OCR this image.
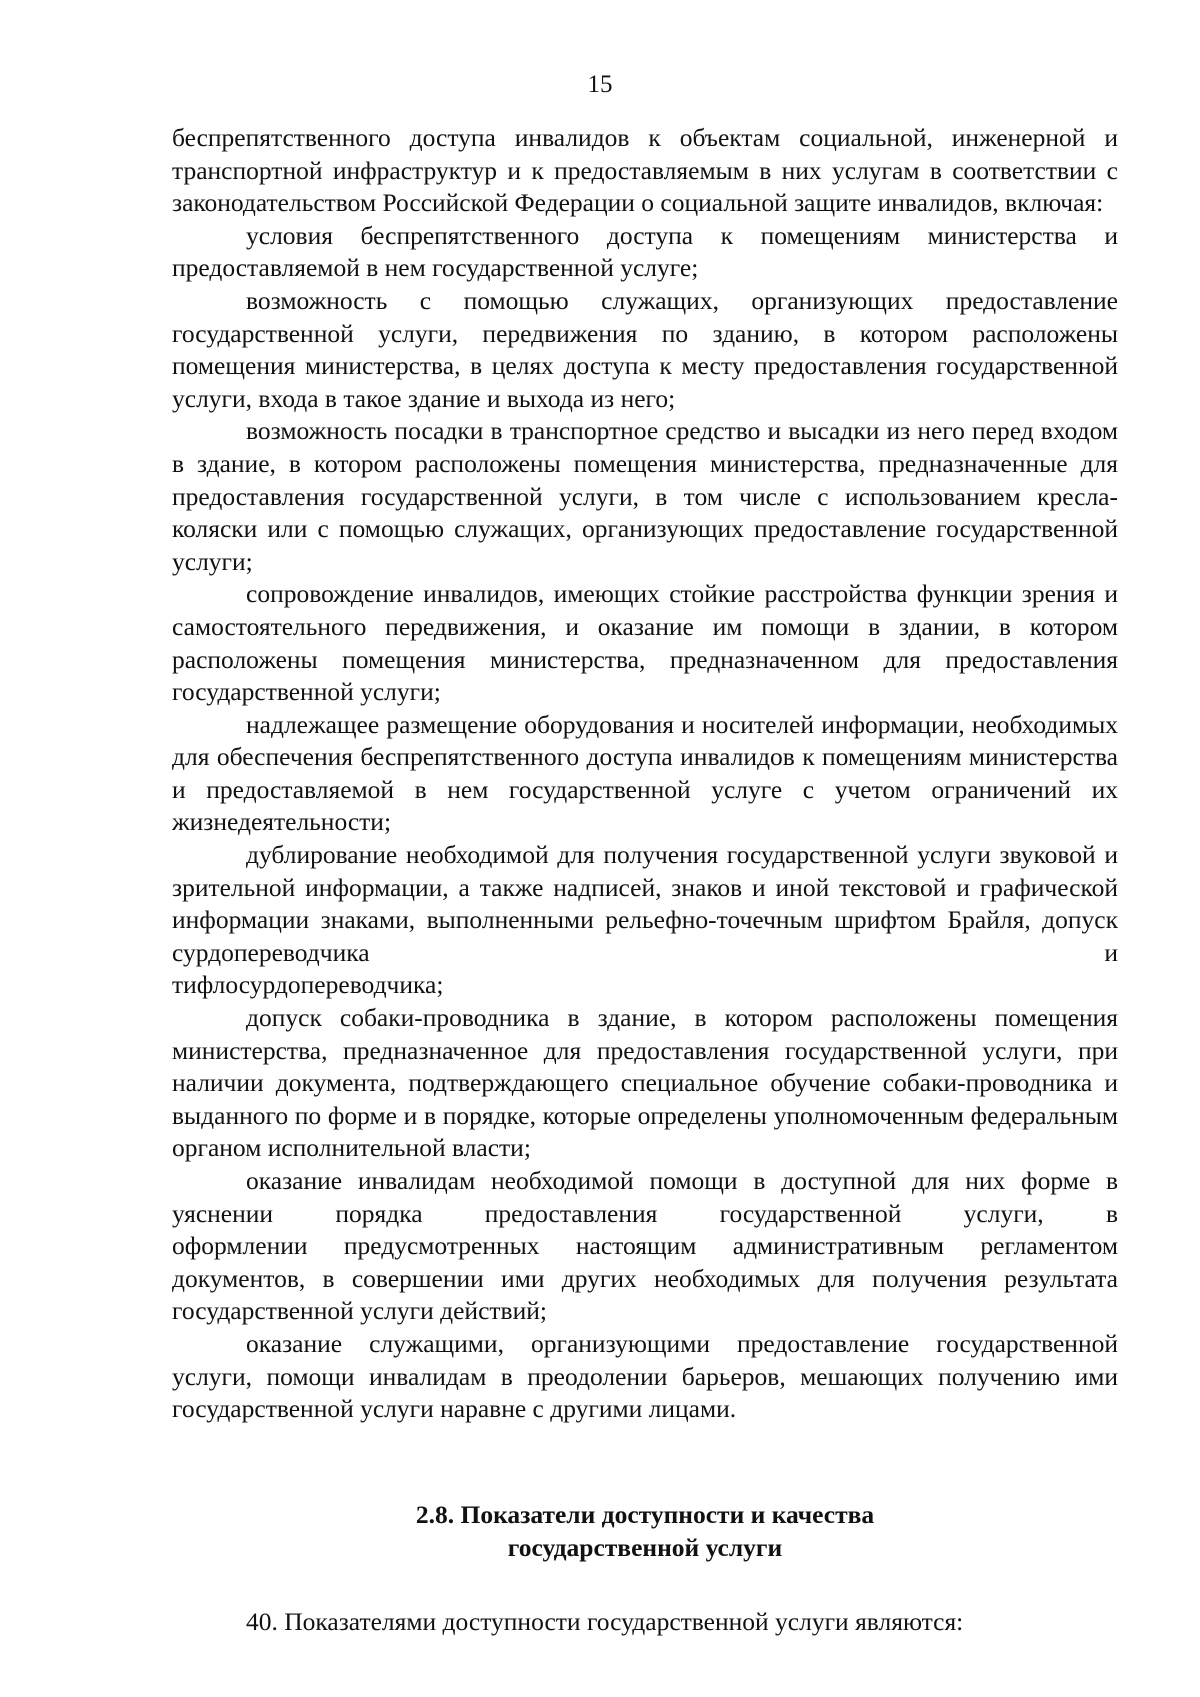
15

беспрепятственного доступа инвалидов к объектам социальной, инженерной и транспортной инфраструктур и к предоставляемым в них услугам в соответствии с законодательством Российской Федерации о социальной защите инвалидов, включая:

условия беспрепятственного доступа к помещениям министерства и предоставляемой в нем государственной услуге;

возможность с помощью служащих, организующих предоставление государственной услуги, передвижения по зданию, в котором расположены помещения министерства, в целях доступа к месту предоставления государственной услуги, входа в такое здание и выхода из него;

возможность посадки в транспортное средство и высадки из него перед входом в здание, в котором расположены помещения министерства, предназначенные для предоставления государственной услуги, в том числе с использованием кресла-коляски или с помощью служащих, организующих предоставление государственной услуги;

сопровождение инвалидов, имеющих стойкие расстройства функции зрения и самостоятельного передвижения, и оказание им помощи в здании, в котором расположены помещения министерства, предназначенном для предоставления государственной услуги;

надлежащее размещение оборудования и носителей информации, необходимых для обеспечения беспрепятственного доступа инвалидов к помещениям министерства и предоставляемой в нем государственной услуге с учетом ограничений их жизнедеятельности;

дублирование необходимой для получения государственной услуги звуковой и зрительной информации, а также надписей, знаков и иной текстовой и графической информации знаками, выполненными рельефно-точечным шрифтом Брайля, допуск сурдопереводчика и

тифлосурдопереводчика;

допуск собаки-проводника в здание, в котором расположены помещения министерства, предназначенное для предоставления государственной услуги, при наличии документа, подтверждающего специальное обучение собаки-проводника и выданного по форме и в порядке, которые определены уполномоченным федеральным органом исполнительной власти;

оказание инвалидам необходимой помощи в доступной для них форме в уяснении порядка предоставления государственной услуги, в

оформлении предусмотренных настоящим административным регламентом документов, в совершении ими других необходимых для получения результата государственной услуги действий;

оказание служащими, организующими предоставление государственной услуги, помощи инвалидам в преодолении барьеров, мешающих получению ими государственной услуги наравне с другими лицами.

2.8. Показатели доступности и качества
государственной услуги
40. Показателями доступности государственной услуги являются:
